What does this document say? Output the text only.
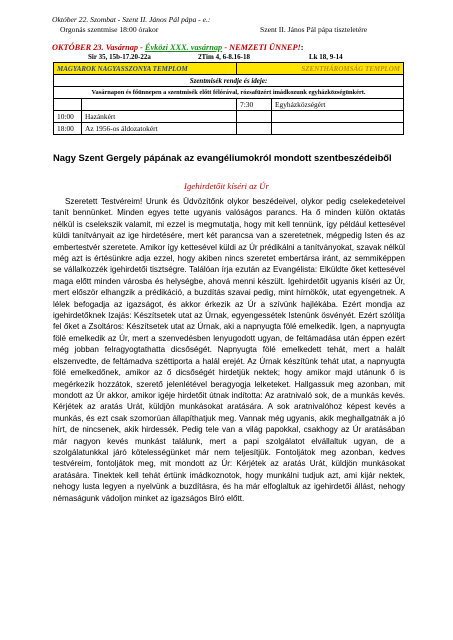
Október 22. Szombat - Szent II. János Pál pápa - e.:
Orgonás szentmise 18:00 órakor	Szent II. János Pál pápa tiszteletére
OKTÓBER 23. Vasárnap - Évközi XXX. vasárnap - NEMZETI ÜNNEP!:
Sir 35, 15b-17.20-22a	2Tim 4, 6-8.16-18	Lk 18, 9-14
MAGYAROK NAGYASSZONYA TEMPLOM		SZENTHÁROMSÁG TEMPLOM	
Szentmisék rendje és ideje:			
Vasárnapon és főünnepen a szentmisék előtt félórával, rózsafüzért imádkozunk egyházközségünkért.			
		7:30	Egyházközségért
10:00	Hazánkért		
18:00	Az 1956-os áldozatokért		
Nagy Szent Gergely pápának az evangéliumokról mondott szentbeszédeiből
Igehirdetőit kíséri az Úr

Szeretett Testvéreim! Urunk és Üdvözítőnk olykor beszédeivel, olykor pedig cselekedeteivel tanít bennünket. Minden egyes tette ugyanis valóságos parancs. Ha ő minden külön oktatás nélkül is cselekszik valamit, mi ezzel is megmutatja, hogy mit kell tennünk, így például kettesével küldi tanítványait az ige hirdetésére, mert két parancsa van a szeretetnek, mégpedig Isten és az embertestvér szeretete. Amikor így kettesével küldi az Úr prédikálni a tanítványokat, szavak nélkül még azt is értésünkre adja ezzel, hogy akiben nincs szeretet embertársa iránt, az semmiképpen se vállalkozzék igehirdetői tisztségre. Találóan írja ezután az Evangélista: Elküldte őket kettesével maga előtt minden városba és helységbe, ahová menni készült. Igehirdetőit ugyanis kíséri az Úr, mert először elhangzik a prédikáció, a buzdítás szavai pedig, mint hírnökök, utat egyengetnek. A lélek befogadja az igazságot, és akkor érkezik az Úr a szívünk hajlékába. Ezért mondja az igehirdetőknek Izajás: Készítsetek utat az Úrnak, egyengessétek Istenünk ösvényét. Ezért szólítja fel őket a Zsoltáros: Készítsetek utat az Úrnak, aki a napnyugta fölé emelkedik. Igen, a napnyugta fölé emelkedik az Úr, mert a szenvedésben lenyugodott ugyan, de feltámadása után éppen ezért még jobban felragyogtathatta dicsőségét. Napnyugta fölé emelkedett tehát, mert a halált elszenvedte, de feltámadva széttiporta a halál erejét. Az Úrnak készítünk tehát utat, a napnyugta fölé emelkedőnek, amikor az ő dicsőségét hirdetjük nektek; hogy amikor majd utánunk ő is megérkezik hozzátok, szerető jelenlétével beragyogja lelketeket. Hallgassuk meg azonban, mit mondott az Úr akkor, amikor igéje hirdetőit útnak indította: Az aratnivaló sok, de a munkás kevés. Kérjétek az aratás Urát, küldjön munkásokat aratására. A sok aratnivalóhoz képest kevés a munkás, és ezt csak szomorúan állapíthatjuk meg. Vannak még ugyanis, akik meghallgatnák a jó hírt, de nincsenek, akik hirdessék. Pedig tele van a világ papokkal, csakhogy az Úr aratásában már nagyon kevés munkást találunk, mert a papi szolgálatot elvállaltuk ugyan, de a szolgálatunkkal járó kötelességünket már nem teljesítjük. Fontoljátok meg azonban, kedves testvéreim, fontoljátok meg, mit mondott az Úr: Kérjétek az aratás Urát, küldjön munkásokat aratására. Tinektek kell tehát értünk imádkoznotok, hogy munkálni tudjuk azt, ami kijár nektek, nehogy lusta legyen a nyelvünk a buzdításra, és ha már elfoglaltuk az igehirdetői állást, nehogy némaságunk vádoljon minket az igazságos Bíró előtt.
